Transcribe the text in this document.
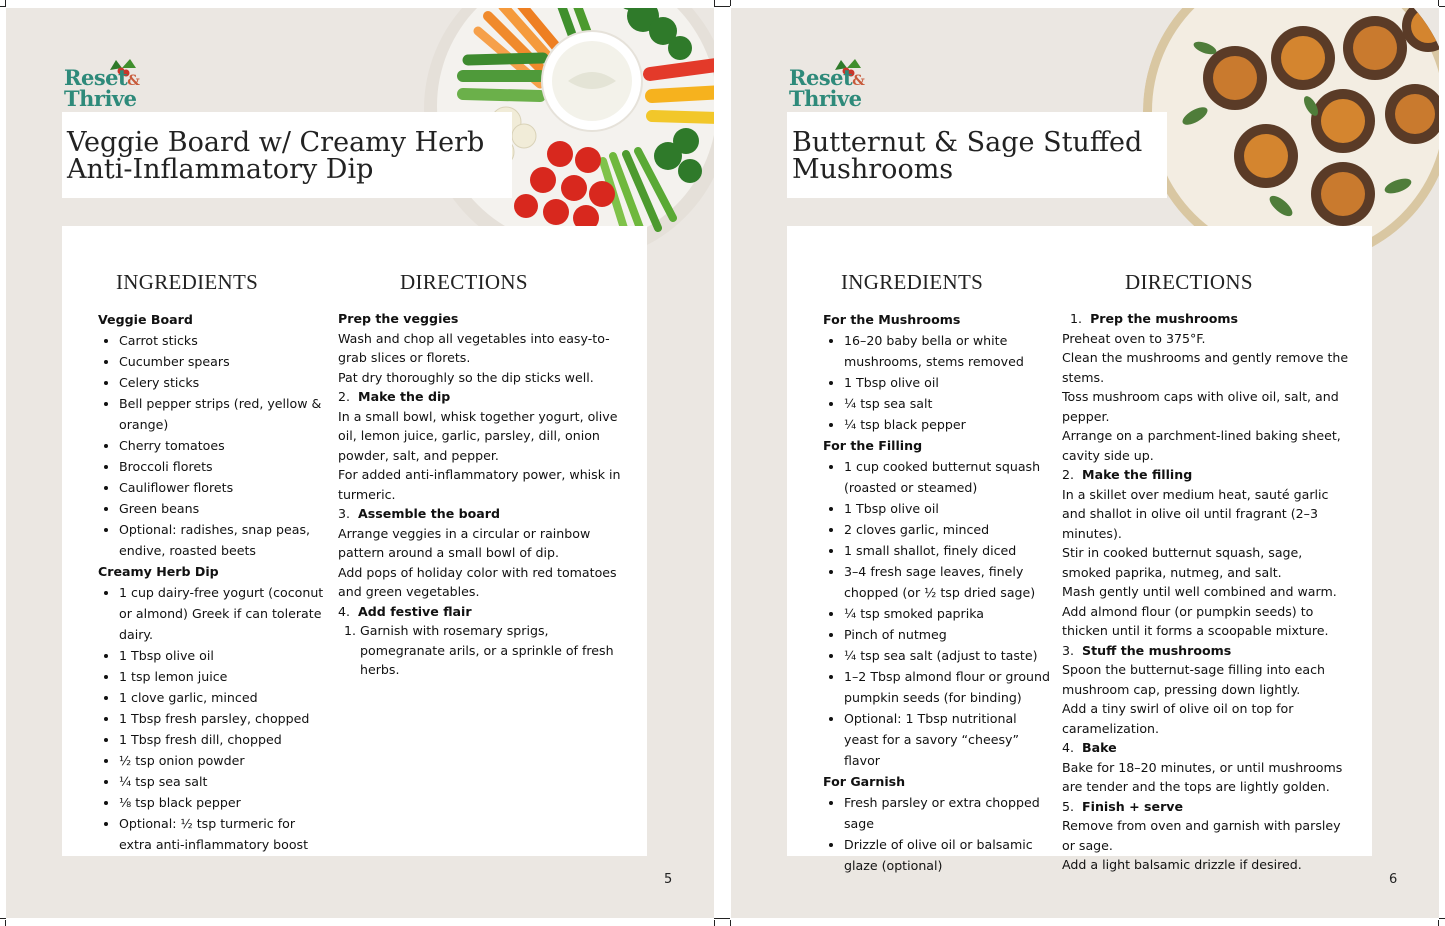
Reset&
Thrive
Veggie Board w/ Creamy Herb Anti-Inflammatory Dip
INGREDIENTS	DIRECTIONS
Veggie Board
• Carrot sticks
• Cucumber spears
• Celery sticks
• Bell pepper strips (red, yellow & orange)
• Cherry tomatoes
• Broccoli florets
• Cauliflower florets
• Green beans
• Optional: radishes, snap peas, endive, roasted beets
Creamy Herb Dip
• 1 cup dairy-free yogurt (coconut or almond) Greek if can tolerate dairy.
• 1 Tbsp olive oil
• 1 tsp lemon juice
• 1 clove garlic, minced
• 1 Tbsp fresh parsley, chopped
• 1 Tbsp fresh dill, chopped
• ½ tsp onion powder
• ¼ tsp sea salt
• ⅛ tsp black pepper
• Optional: ½ tsp turmeric for extra anti-inflammatory boost

Prep the veggies

Wash and chop all vegetables into easy-to-grab slices or florets.

Pat dry thoroughly so the dip sticks well.

2. Make the dip

In a small bowl, whisk together yogurt, olive oil, lemon juice, garlic, parsley, dill, onion powder, salt, and pepper.

For added anti-inflammatory power, whisk in turmeric.

3. Assemble the board

Arrange veggies in a circular or rainbow pattern around a small bowl of dip.

Add pops of holiday color with red tomatoes and green vegetables.

4. Add festive flair

1. Garnish with rosemary sprigs, pomegranate arils, or a sprinkle of fresh herbs.
5
Reset&
Thrive
Butternut & Sage Stuffed Mushrooms
INGREDIENTS	DIRECTIONS
For the Mushrooms
• 16–20 baby bella or white mushrooms, stems removed
• 1 Tbsp olive oil
• ¼ tsp sea salt
• ¼ tsp black pepper
For the Filling
• 1 cup cooked butternut squash (roasted or steamed)
• 1 Tbsp olive oil
• 2 cloves garlic, minced
• 1 small shallot, finely diced
• 3–4 fresh sage leaves, finely chopped (or ½ tsp dried sage)
• ¼ tsp smoked paprika
• Pinch of nutmeg
• ¼ tsp sea salt (adjust to taste)
• 1–2 Tbsp almond flour or ground pumpkin seeds (for binding)
• Optional: 1 Tbsp nutritional yeast for a savory “cheesy” flavor
For Garnish
• Fresh parsley or extra chopped sage
• Drizzle of olive oil or balsamic glaze (optional)

1. Prep the mushrooms

Preheat oven to 375°F.

Clean the mushrooms and gently remove the stems.

Toss mushroom caps with olive oil, salt, and pepper.

Arrange on a parchment-lined baking sheet, cavity side up.

2. Make the filling

In a skillet over medium heat, sauté garlic and shallot in olive oil until fragrant (2–3 minutes).

Stir in cooked butternut squash, sage, smoked paprika, nutmeg, and salt.

Mash gently until well combined and warm.

Add almond flour (or pumpkin seeds) to thicken until it forms a scoopable mixture.

3. Stuff the mushrooms

Spoon the butternut-sage filling into each mushroom cap, pressing down lightly.

Add a tiny swirl of olive oil on top for caramelization.

4. Bake

Bake for 18–20 minutes, or until mushrooms are tender and the tops are lightly golden.

5. Finish + serve

Remove from oven and garnish with parsley or sage.

Add a light balsamic drizzle if desired.

6
